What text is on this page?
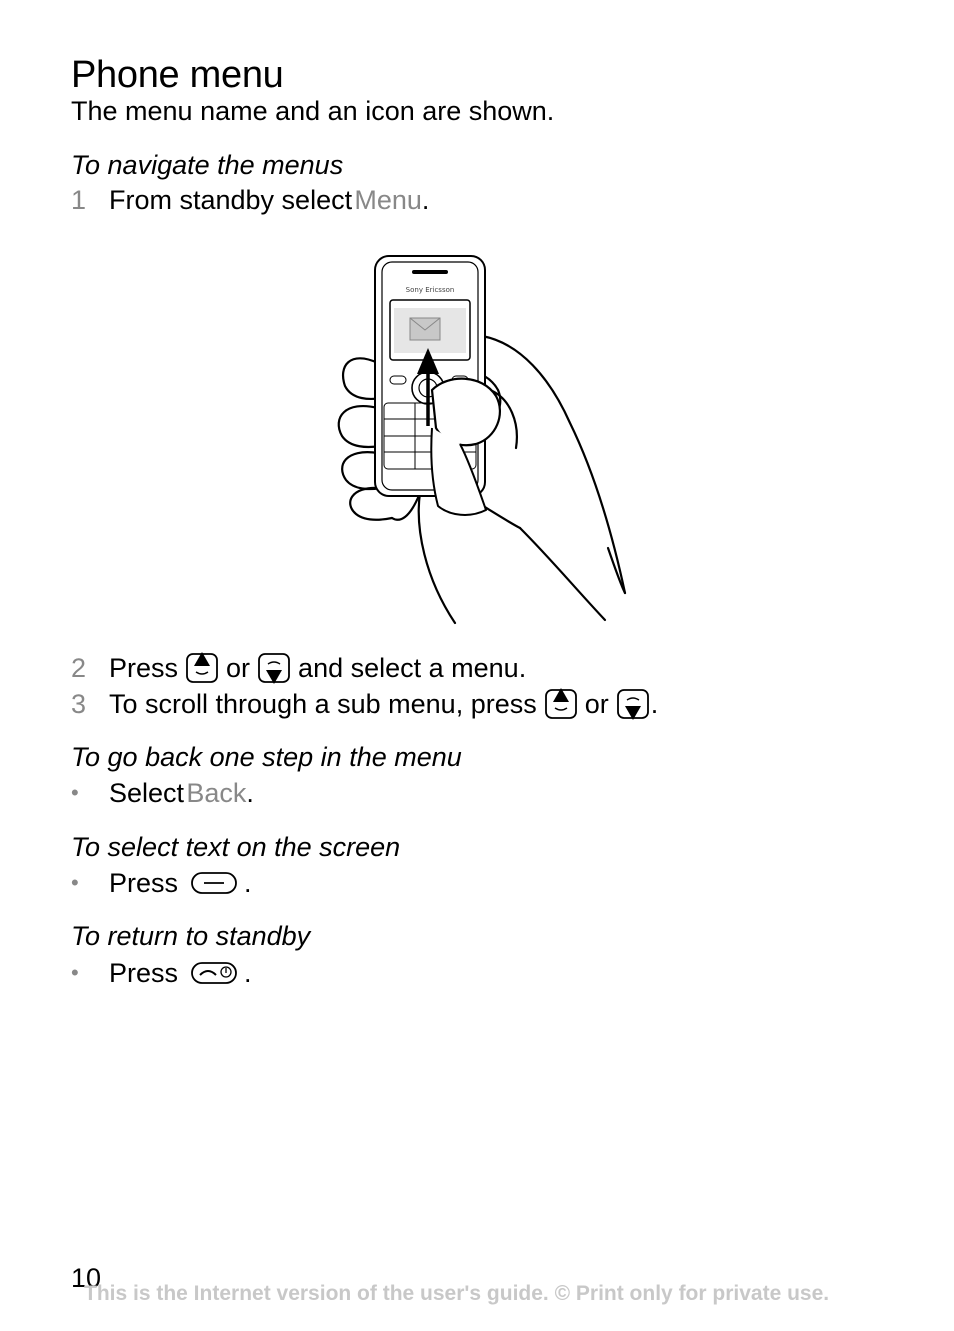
Phone menu
The menu name and an icon are shown.
To navigate the menus
1 From standby select
  Menu .
Sony Ericsson
2 Press or and select a menu.
3 To scroll through a sub menu, press or .
To go back one step in the menu
•	Select
  Back .
To select text on the screen
•	Press .
To return to standby
•	Press .
10
This is the Internet version of the user's guide. © Print only for private use.
